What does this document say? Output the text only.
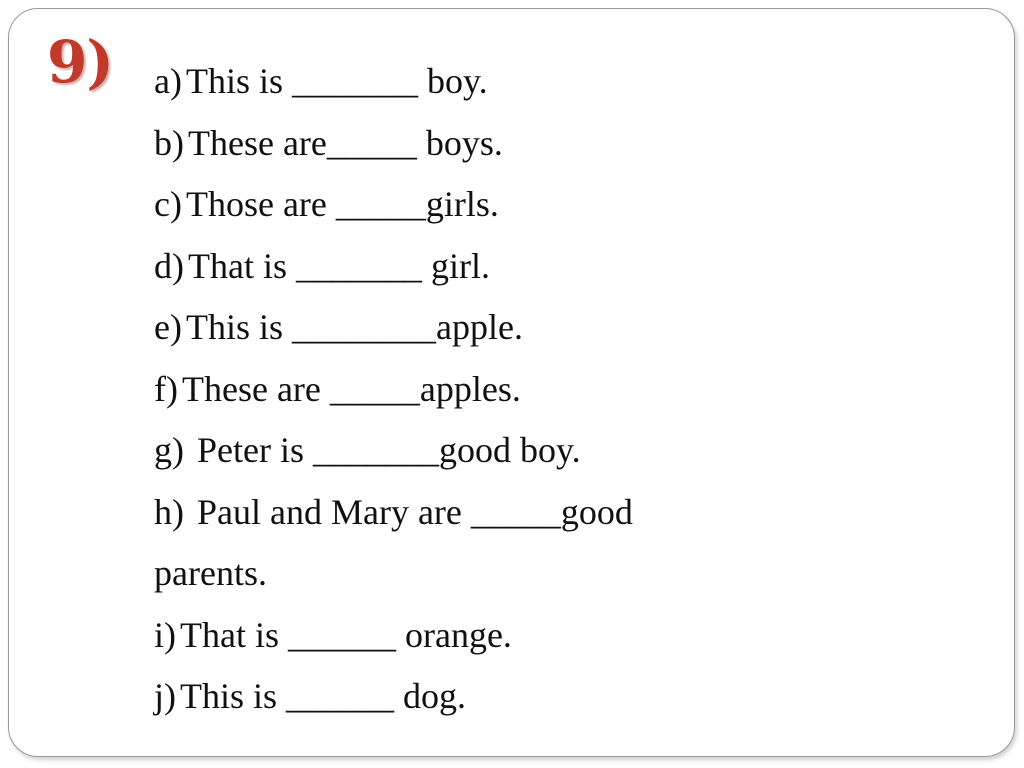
9) a) This is _______ boy.
b) These are_____ boys.
c) Those are _____girls.
d) That is _______ girl.
e) This is ________apple.
f) These are _____apples.
g) Peter is _______good boy.
h) Paul and Mary are _____good
parents.
i) That is ______ orange.
j) This is ______ dog.
